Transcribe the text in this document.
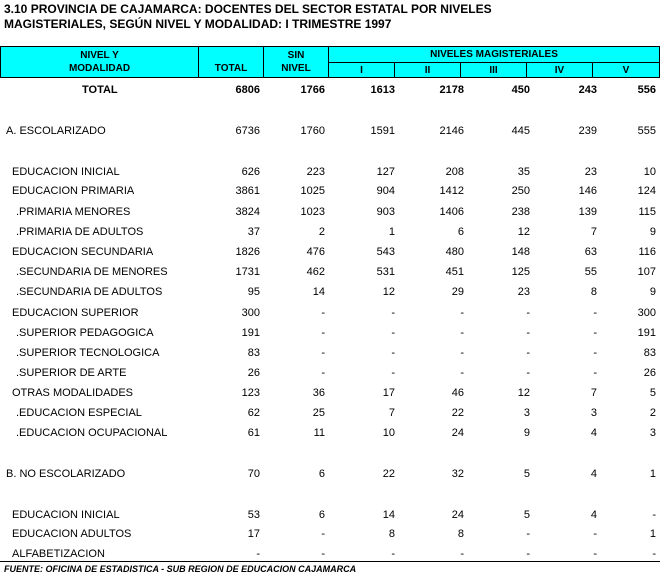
3.10 PROVINCIA DE CAJAMARCA: DOCENTES DEL SECTOR ESTATAL POR NIVELES
MAGISTERIALES, SEGÚN NIVEL Y MODALIDAD: I TRIMESTRE 1997
NIVEL Y
MODALIDAD	TOTAL
SIN
NIVEL
NIVELES MAGISTERIALES
I	II	III	IV	V
TOTAL	6806	1766	1613	2178	450	243	556
A. ESCOLARIZADO	6736	1760	1591	2146	445	239	555
EDUCACION INICIAL	626	223	127	208	35	23	10
EDUCACION PRIMARIA	3861	1025	904	1412	250	146	124
.PRIMARIA MENORES	3824	1023	903	1406	238	139	115
.PRIMARIA DE ADULTOS	37	2	1	6	12	7	9
EDUCACION SECUNDARIA	1826	476	543	480	148	63	116
.SECUNDARIA DE MENORES	1731	462	531	451	125	55	107
.SECUNDARIA DE ADULTOS	95	14	12	29	23	8	9
EDUCACION SUPERIOR	300	-	-	-	-	-	300
.SUPERIOR PEDAGOGICA	191	-	-	-	-	-	191
.SUPERIOR TECNOLOGICA	83	-	-	-	-	-	83
.SUPERIOR DE ARTE	26	-	-	-	-	-	26
OTRAS MODALIDADES	123	36	17	46	12	7	5
.EDUCACION ESPECIAL	62	25	7	22	3	3	2
.EDUCACION OCUPACIONAL	61	11	10	24	9	4	3
B. NO ESCOLARIZADO	70	6	22	32	5	4	1
EDUCACION INICIAL	53	6	14	24	5	4	-
EDUCACION ADULTOS	17	-	8	8	-	-	1
ALFABETIZACION	-	-	-	-	-	-	-
FUENTE: OFICINA DE ESTADISTICA - SUB REGION DE EDUCACION CAJAMARCA
